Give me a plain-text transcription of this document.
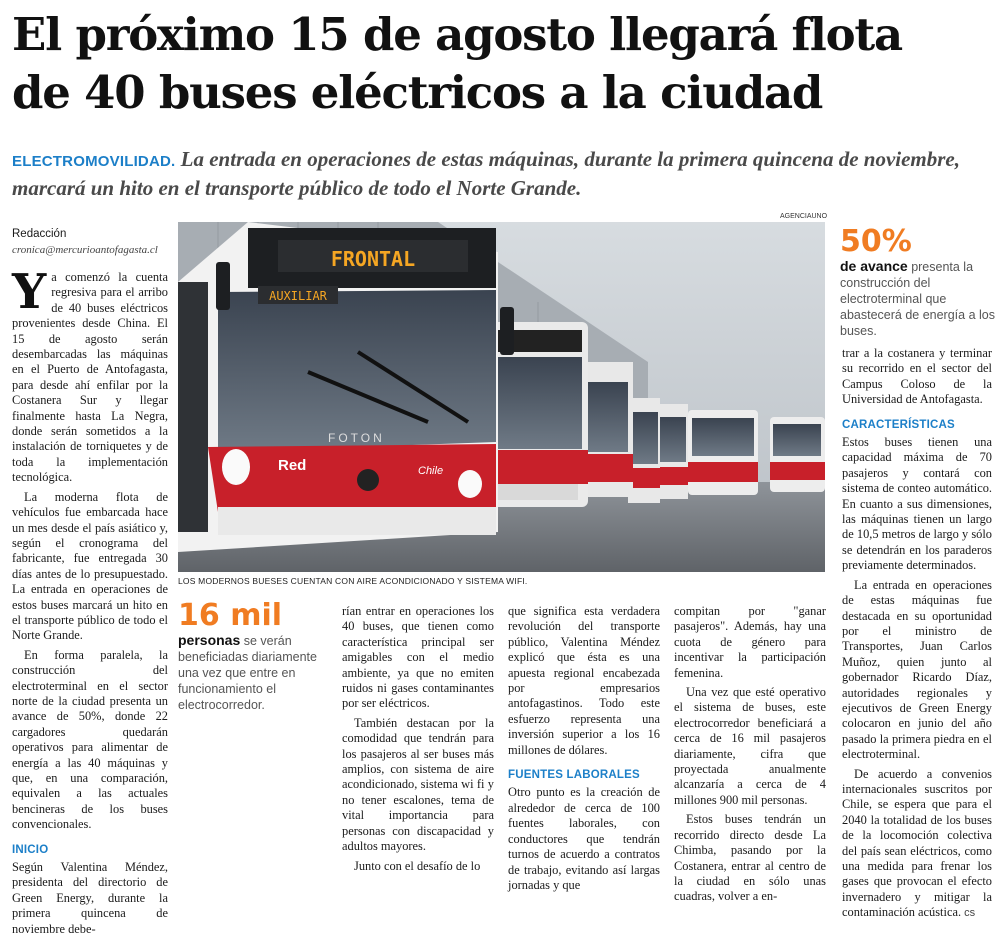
El próximo 15 de agosto llegará flota
de 40 buses eléctricos a la ciudad
ELECTROMOVILIDAD. La entrada en operaciones de estas máquinas, durante la primera quincena de noviembre, marcará un hito en el transporte público de todo el Norte Grande.
Redacción
cronica@mercurioantofagasta.cl

Ya comenzó la cuenta regresiva para el arribo de 40 buses eléctricos provenientes desde China. El 15 de agosto serán desembarcadas las máquinas en el Puerto de Antofagasta, para desde ahí enfilar por la Costanera Sur y llegar finalmente hasta La Negra, donde serán sometidos a la instalación de torniquetes y de toda la implementación tecnológica.

La moderna flota de vehículos fue embarcada hace un mes desde el país asiático y, según el cronograma del fabricante, fue entregada 30 días antes de lo presupuestado. La entrada en operaciones de estos buses marcará un hito en el transporte público de todo el Norte Grande.

En forma paralela, la construcción del electroterminal en el sector norte de la ciudad presenta un avance de 50%, donde 22 cargadores quedarán operativos para alimentar de energía a las 40 máquinas y que, en una comparación, equivalen a las actuales bencineras de los buses convencionales.

INICIO

Según Valentina Méndez, presidenta del directorio de Green Energy, durante la primera quincena de noviembre debe-

AGENCIAUNO
FRONTAL
AUXILIAR
FOTON
Red	Chile
LOS MODERNOS BUESES CUENTAN CON AIRE ACONDICIONADO Y SISTEMA WIFI.
16 mil
personas se verán beneficiadas diariamente una vez que entre en funcionamiento el electrocorredor.

rían entrar en operaciones los 40 buses, que tienen como característica principal ser amigables con el medio ambiente, ya que no emiten ruidos ni gases contaminantes por ser eléctricos.

También destacan por la comodidad que tendrán para los pasajeros al ser buses más amplios, con sistema de aire acondicionado, sistema wi fi y no tener escalones, tema de vital importancia para personas con discapacidad y adultos mayores.

Junto con el desafío de lo

que significa esta verdadera revolución del transporte público, Valentina Méndez explicó que ésta es una apuesta regional encabezada por empresarios antofagastinos. Todo este esfuerzo representa una inversión superior a los 16 millones de dólares.

FUENTES LABORALES

Otro punto es la creación de alrededor de cerca de 100 fuentes laborales, con conductores que tendrán turnos de acuerdo a contratos de trabajo, evitando así largas jornadas y que

compitan por "ganar pasajeros". Además, hay una cuota de género para incentivar la participación femenina.

Una vez que esté operativo el sistema de buses, este electrocorredor beneficiará a cerca de 16 mil pasajeros diariamente, cifra que proyectada anualmente alcanzaría a cerca de 4 millones 900 mil personas.

Estos buses tendrán un recorrido directo desde La Chimba, pasando por la Costanera, entrar al centro de la ciudad en sólo unas cuadras, volver a en-

50%
de avance presenta la construcción del electroterminal que abastecerá de energía a los buses.

trar a la costanera y terminar su recorrido en el sector del Campus Coloso de la Universidad de Antofagasta.

CARACTERÍSTICAS

Estos buses tienen una capacidad máxima de 70 pasajeros y contará con sistema de conteo automático. En cuanto a sus dimensiones, las máquinas tienen un largo de 10,5 metros de largo y sólo se detendrán en los paraderos previamente determinados.

La entrada en operaciones de estas máquinas fue destacada en su oportunidad por el ministro de Transportes, Juan Carlos Muñoz, quien junto al gobernador Ricardo Díaz, autoridades regionales y ejecutivos de Green Energy colocaron en junio del año pasado la primera piedra en el electroterminal.

De acuerdo a convenios internacionales suscritos por Chile, se espera que para el 2040 la totalidad de los buses de la locomoción colectiva del país sean eléctricos, como una medida para frenar los gases que provocan el efecto invernadero y mitigar la contaminación acústica. cs
